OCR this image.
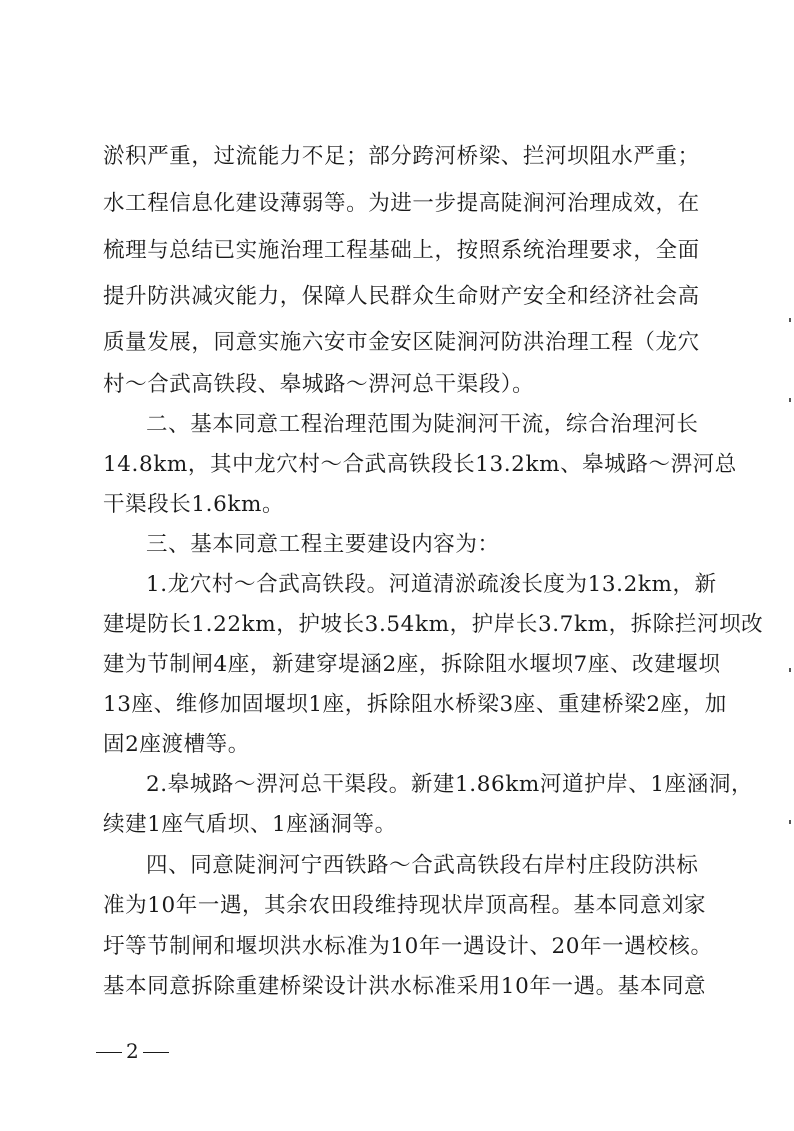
淤积严重，过流能力不足；部分跨河桥梁、拦河坝阻水严重；
水工程信息化建设薄弱等。为进一步提高陡涧河治理成效，在
梳理与总结已实施治理工程基础上，按照系统治理要求，全面
提升防洪减灾能力，保障人民群众生命财产安全和经济社会高
质量发展，同意实施六安市金安区陡涧河防洪治理工程（龙穴
村～合武高铁段、皋城路～淠河总干渠段）。
二、基本同意工程治理范围为陡涧河干流，综合治理河长
14.8km，其中龙穴村～合武高铁段长13.2km、皋城路～淠河总
干渠段长1.6km。
三、基本同意工程主要建设内容为：
1.龙穴村～合武高铁段。河道清淤疏浚长度为13.2km，新
建堤防长1.22km，护坡长3.54km，护岸长3.7km，拆除拦河坝改
建为节制闸4座，新建穿堤涵2座，拆除阻水堰坝7座、改建堰坝
13座、维修加固堰坝1座，拆除阻水桥梁3座、重建桥梁2座，加
固2座渡槽等。
2.皋城路～淠河总干渠段。新建1.86km河道护岸、1座涵洞，
续建1座气盾坝、1座涵洞等。
四、同意陡涧河宁西铁路～合武高铁段右岸村庄段防洪标
准为10年一遇，其余农田段维持现状岸顶高程。基本同意刘家
圩等节制闸和堰坝洪水标准为10年一遇设计、20年一遇校核。
基本同意拆除重建桥梁设计洪水标准采用10年一遇。基本同意
2
